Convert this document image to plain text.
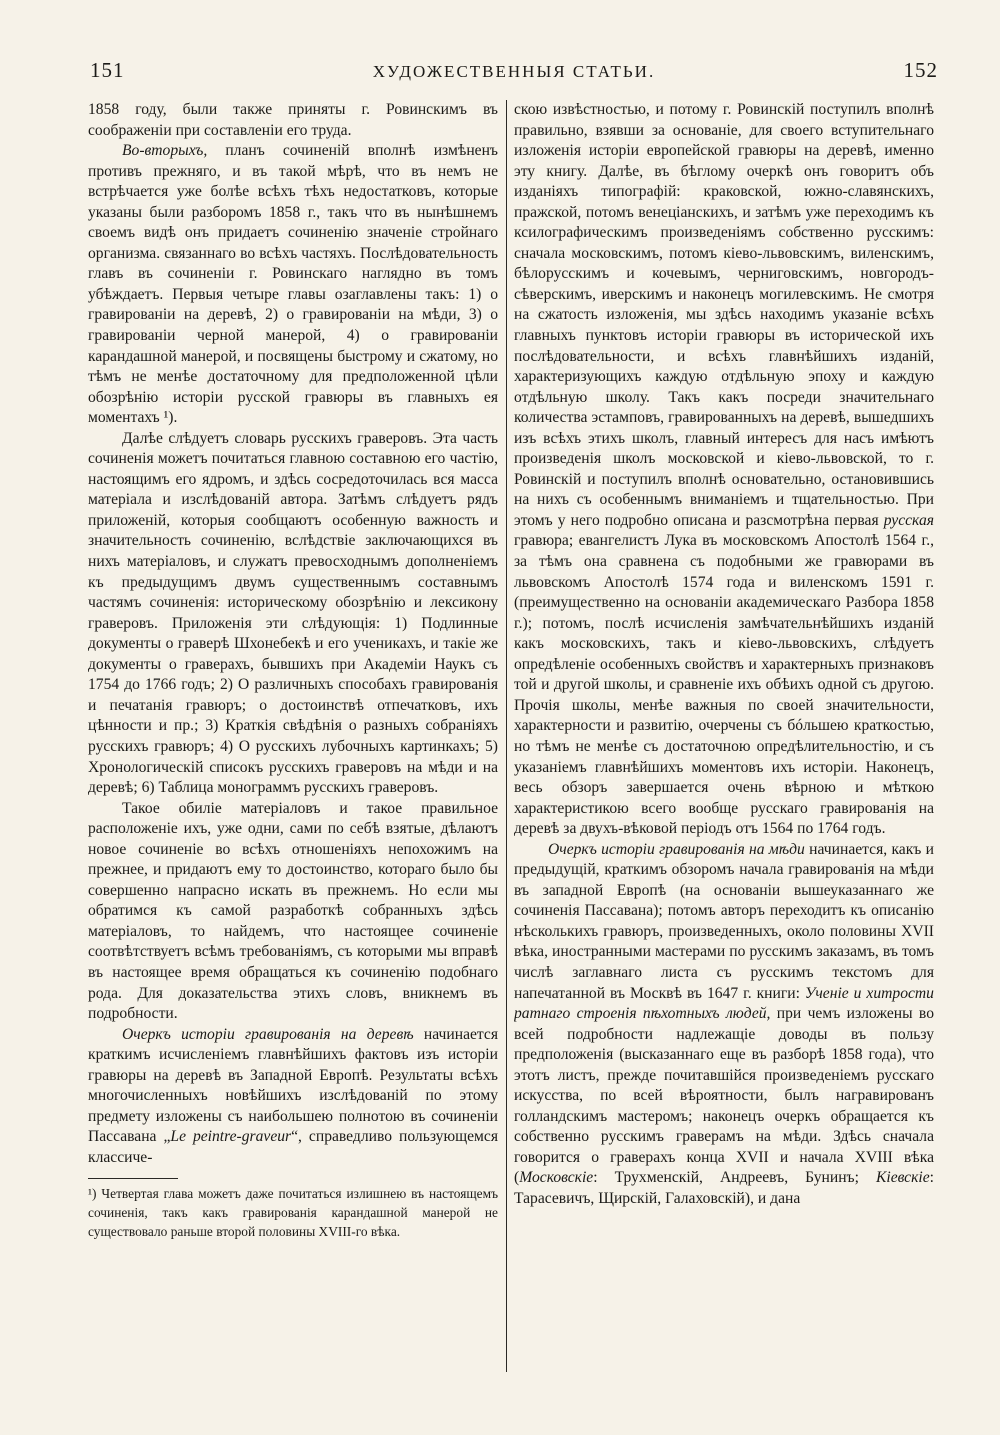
151	ХУДОЖЕСТВЕННЫЯ СТАТЬИ.	152

1858 году, были также приняты г. Ровинскимъ въ соображеніи при составленіи его труда.

Во-вторыхъ, планъ сочиненій вполнѣ измѣненъ противъ прежняго, и въ такой мѣрѣ, что въ немъ не встрѣчается уже болѣе всѣхъ тѣхъ недостатковъ, которые указаны были разборомъ 1858 г., такъ что въ нынѣшнемъ своемъ видѣ онъ придаетъ сочиненію значеніе стройнаго организма. связаннаго во всѣхъ частяхъ. Послѣдовательность главъ въ сочиненіи г. Ровинскаго наглядно въ томъ убѣждаетъ. Первыя четыре главы озаглавлены такъ: 1) о гравированіи на деревѣ, 2) о гравированіи на мѣди, 3) о гравированіи черной манерой, 4) о гравированіи карандашной манерой, и посвящены быстрому и сжатому, но тѣмъ не менѣе достаточному для предположенной цѣли обозрѣнію исторіи русской гравюры въ главныхъ ея моментахъ ¹).

Далѣе слѣдуетъ словарь русскихъ граверовъ. Эта часть сочиненія можетъ почитаться главною составною его частію, настоящимъ его ядромъ, и здѣсь сосредоточилась вся масса матеріала и изслѣдованій автора. Затѣмъ слѣдуетъ рядъ приложеній, которыя сообщаютъ особенную важность и значительность сочиненію, вслѣдствіе заключающихся въ нихъ матеріаловъ, и служатъ превосходнымъ дополненіемъ къ предыдущимъ двумъ существеннымъ составнымъ частямъ сочиненія: историческому обозрѣнію и лексикону граверовъ. Приложенія эти слѣдующія: 1) Подлинные документы о граверѣ Шхонебекѣ и его ученикахъ, и такіе же документы о граверахъ, бывшихъ при Академіи Наукъ съ 1754 до 1766 годъ; 2) О различныхъ способахъ гравированія и печатанія гравюръ; о достоинствѣ отпечатковъ, ихъ цѣнности и пр.; 3) Краткія свѣдѣнія о разныхъ собраніяхъ русскихъ гравюръ; 4) О русскихъ лубочныхъ картинкахъ; 5) Хронологическій списокъ русскихъ граверовъ на мѣди и на деревѣ; 6) Таблица монограммъ русскихъ граверовъ.

Такое обиліе матеріаловъ и такое правильное расположеніе ихъ, уже одни, сами по себѣ взятые, дѣлаютъ новое сочиненіе во всѣхъ отношеніяхъ непохожимъ на прежнее, и придаютъ ему то достоинство, котораго было бы совершенно напрасно искать въ прежнемъ. Но если мы обратимся къ самой разработкѣ собранныхъ здѣсь матеріаловъ, то найдемъ, что настоящее сочиненіе соотвѣтствуетъ всѣмъ требованіямъ, съ которыми мы вправѣ въ настоящее время обращаться къ сочиненію подобнаго рода. Для доказательства этихъ словъ, вникнемъ въ подробности.

Очеркъ исторіи гравированія на деревѣ начинается краткимъ исчисленіемъ главнѣйшихъ фактовъ изъ исторіи гравюры на деревѣ въ Западной Европѣ. Результаты всѣхъ многочисленныхъ новѣйшихъ изслѣдованій по этому предмету изложены съ наибольшею полнотою въ сочиненіи Пассавана „Le peintre-graveur“, справедливо пользующемся классиче-

¹) Четвертая глава можетъ даже почитаться излишнею въ настоящемъ сочиненія, такъ какъ гравированія карандашной манерой не существовало раньше второй половины XVIII-го вѣка.

скою извѣстностью, и потому г. Ровинскій поступилъ вполнѣ правильно, взявши за основаніе, для своего вступительнаго изложенія исторіи европейской гравюры на деревѣ, именно эту книгу. Далѣе, въ бѣглому очеркѣ онъ говоритъ объ изданіяхъ типографій: краковской, южно-славянскихъ, пражской, потомъ венеціанскихъ, и затѣмъ уже переходимъ къ ксилографическимъ произведеніямъ собственно русскимъ: сначала московскимъ, потомъ кіево-львовскимъ, виленскимъ, бѣлорусскимъ и кочевымъ, черниговскимъ, новгородъ-сѣверскимъ, иверскимъ и наконецъ могилевскимъ. Не смотря на сжатость изложенія, мы здѣсь находимъ указаніе всѣхъ главныхъ пунктовъ исторіи гравюры въ исторической ихъ послѣдовательности, и всѣхъ главнѣйшихъ изданій, характеризующихъ каждую отдѣльную эпоху и каждую отдѣльную школу. Такъ какъ посреди значительнаго количества эстамповъ, гравированныхъ на деревѣ, вышедшихъ изъ всѣхъ этихъ школъ, главный интересъ для насъ имѣютъ произведенія школъ московской и кіево-львовской, то г. Ровинскій и поступилъ вполнѣ основательно, остановившись на нихъ съ особеннымъ вниманіемъ и тщательностью. При этомъ у него подробно описана и разсмотрѣна первая русская гравюра; евангелистъ Лука въ московскомъ Апостолѣ 1564 г., за тѣмъ она сравнена съ подобными же гравюрами въ львовскомъ Апостолѣ 1574 года и виленскомъ 1591 г. (преимущественно на основаніи академическаго Разбора 1858 г.); потомъ, послѣ исчисленія замѣчательнѣйшихъ изданій какъ московскихъ, такъ и кіево-львовскихъ, слѣдуетъ опредѣленіе особенныхъ свойствъ и характерныхъ признаковъ той и другой школы, и сравненіе ихъ обѣихъ одной съ другою. Прочія школы, менѣе важныя по своей значительности, характерности и развитію, очерчены съ бóльшею краткостью, но тѣмъ не менѣе съ достаточною опредѣлительностію, и съ указаніемъ главнѣйшихъ моментовъ ихъ исторіи. Наконецъ, весь обзоръ завершается очень вѣрною и мѣткою характеристикою всего вообще русскаго гравированія на деревѣ за двухъ-вѣковой періодъ отъ 1564 по 1764 годъ.

Очеркъ исторіи гравированія на мѣди начинается, какъ и предыдущій, краткимъ обзоромъ начала гравированія на мѣди въ западной Европѣ (на основаніи вышеуказаннаго же сочиненія Пассавана); потомъ авторъ переходитъ къ описанію нѣсколькихъ гравюръ, произведенныхъ, около половины XVII вѣка, иностранными мастерами по русскимъ заказамъ, въ томъ числѣ заглавнаго листа съ русскимъ текстомъ для напечатанной въ Москвѣ въ 1647 г. книги: Ученіе и хитрости ратнаго строенія пѣхотныхъ людей, при чемъ изложены во всей подробности надлежащіе доводы въ пользу предположенія (высказаннаго еще въ разборѣ 1858 года), что этотъ листъ, прежде почитавшійся произведеніемъ русскаго искусства, по всей вѣроятности, былъ награвированъ голландскимъ мастеромъ; наконецъ очеркъ обращается къ собственно русскимъ граверамъ на мѣди. Здѣсь сначала говорится о граверахъ конца XVII и начала XVIII вѣка (Московскіе: Трухменскій, Андреевъ, Бунинъ; Кіевскіе: Тарасевичъ, Щирскій, Галаховскій), и дана
